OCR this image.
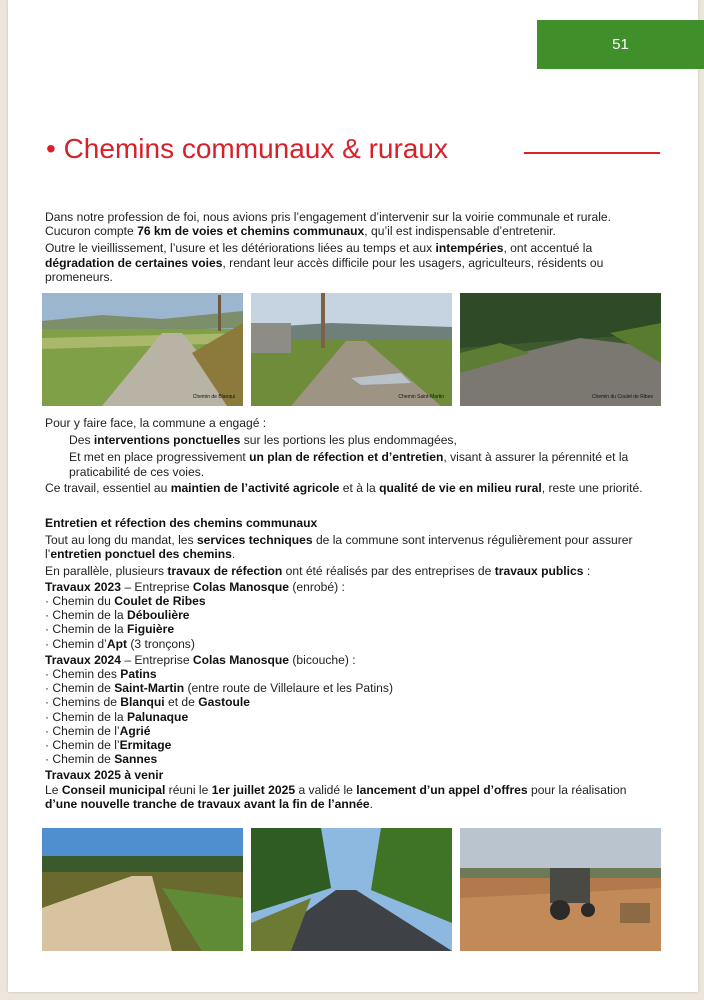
51
• Chemins communaux & ruraux

Dans notre profession de foi, nous avions pris l’engagement d’intervenir sur la voirie communale et rurale. Cucuron compte 76 km de voies et chemins communaux, qu’il est indispensable d’entretenir.

Outre le vieillissement, l’usure et les détériorations liées au temps et aux intempéries, ont accentué la dégradation de certaines voies, rendant leur accès difficile pour les usagers, agriculteurs, résidents ou promeneurs.

Chemin de Blanqui	Chemin Saint-Martin	Chemin du Coulet de Ribes

Pour y faire face, la commune a engagé :

Des interventions ponctuelles sur les portions les plus endommagées,

Et met en place progressivement un plan de réfection et d’entretien, visant à assurer la pérennité et la praticabilité de ces voies.

Ce travail, essentiel au maintien de l’activité agricole et à la qualité de vie en milieu rural, reste une priorité.

Entretien et réfection des chemins communaux

Tout au long du mandat, les services techniques de la commune sont intervenus régulièrement pour assurer l’entretien ponctuel des chemins.

En parallèle, plusieurs travaux de réfection ont été réalisés par des entreprises de travaux publics :

Travaux 2023 – Entreprise Colas Manosque (enrobé) :

· Chemin du Coulet de Ribes

· Chemin de la Déboulière

· Chemin de la Figuière

· Chemin d’Apt (3 tronçons)

Travaux 2024 – Entreprise Colas Manosque (bicouche) :

· Chemin des Patins

· Chemin de Saint-Martin (entre route de Villelaure et les Patins)

· Chemins de Blanqui et de Gastoule

· Chemin de la Palunaque

· Chemin de l’Agrié

· Chemin de l’Ermitage

· Chemin de Sannes

Travaux 2025 à venir

Le Conseil municipal réuni le 1er juillet 2025 a validé le lancement d’un appel d’offres pour la réalisation d’une nouvelle tranche de travaux avant la fin de l’année.
